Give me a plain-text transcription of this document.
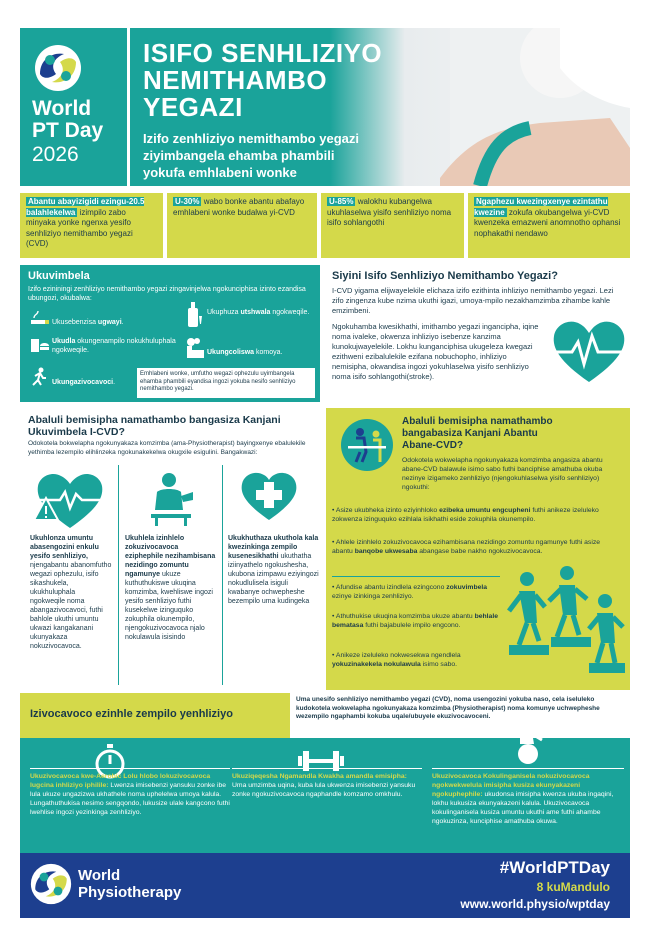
World
PT Day
2026
ISIFO SENHLIZIYO
NEMITHAMBO
YEGAZI
Izifo zenhliziyo nemithambo yegazi
ziyimbangela ehamba phambili
yokufa emhlabeni wonke
Abantu abayizigidi ezingu-20.5 balahlekelwa izimpilo zabo minyaka yonke ngenxa yesifo senhliziyo nemithambo yegazi (CVD)
U-30% wabo bonke abantu abafayo emhlabeni wonke budalwa yi-CVD
U-85% walokhu kubangelwa ukuhlaselwa yisifo senhliziyo noma isifo sohlangothi
Ngaphezu kwezingxenye ezintathu kwezine zokufa okubangelwa yi-CVD kwenzeka emazweni anomnotho ophansi nophakathi nendawo
Ukuvimbela
Izifo ezininingi zenhliziyo nemithambo yegazi zingavinjelwa ngokunciphisa izinto ezandisa ubungozi, okubalwa:
Ukusebenzisa ugwayi.
Ukuphuza utshwala ngokweqile.
Ukudla okungenampilo nokukhuluphala ngokweqile.	Ukungcoliswa komoya.
Ukungazivocavoci.
Emhlabeni wonke, umfutho wegazi ophezulu uyimbangela ehamba phambili eyandisa ingozi yokuba nesifo senhliziyo nemithambo yegazi.
Siyini Isifo Senhliziyo Nemithambo Yegazi?
I-CVD yigama elijwayelekile elichaza izifo ezithinta inhliziyo nemithambo yegazi. Lezi zifo zingenza kube nzima ukuthi igazi, umoya-mpilo nezakhamzimba zihambe kahle emzimbeni.
Ngokuhamba kwesikhathi, imithambo yegazi ingancipha, iqine noma ivaleke, okwenza inhliziyo isebenze kanzima kunokujwayelekile. Lokhu kunganciphisa ukugeleza kwegazi ezithweni ezibalulekile ezifana nobuchopho, inhliziyo nemisipha, okwandisa ingozi yokuhlaselwa yisifo senhliziyo noma isifo sohlangothi(stroke).
Abaluli bemisipha namathambo bangasiza Kanjani
Ukuvimbela I-CVD?
Odokotela bokwelapha ngokunyakaza komzimba (ama-Physiotherapist) bayingxenye ebalulekile yethimba lezempilo elihlinzeka ngokunakekelwa okugxile esigulini. Bangakwazi:
Ukuhlonza umuntu abasengozini enkulu yesifo senhliziyo, njengabantu abanomfutho wegazi ophezulu, isifo sikashukela, ukukhuluphala ngokweqile noma abangazivocavoci, futhi bahlole ukuthi umuntu ukwazi kangakanani ukunyakaza nokuzivocavoca.
Ukuhlela izinhlelo zokuzivocavoca eziphephile nezihambisana nezidingo zomuntu ngamunye ukuze kuthuthukiswe ukuqina komzimba, kwehliswe ingozi yesifo senhliziyo futhi kusekelwe izinguquko zokuphila okunempilo, njengokuzivocavoca njalo nokulawula isisindo
Ukukhuthaza ukuthola kala kwezinkinga zempilo kusenesikhathi ukuthatha iziinyathelo ngokushesha, ukubona izimpawu eziyingozi nokudlulisela isiguli kwabanye ochwepheshe bezempilo uma kudingeka
Abaluli bemisipha namathambo
bangabasiza Kanjani Abantu
Abane-CVD?
Odokotela wokwelapha ngokunyakaza komzimba angasiza abantu abane-CVD balawule isimo sabo futhi banciphise amathuba okuba nezinye izigameko zenhliziyo (njengokuhlaselwa yisifo senhliziyo) ngokuthi:
• Asize ukubheka izinto eziyinhloko ezibeka umuntu engcupheni futhi anikeze izeluleko zokwenza izinguquko ezihlala isikhathi eside zokuphila okunempilo.
• Ahlele izinhlelo zokuzivocavoca ezihambisana nezidingo zomuntu ngamunye futhi asize abantu banqobe ukwesaba abangase babe nakho ngokuzivocavoca.
• Afundise abantu izindlela ezingcono zokuvimbela ezinye izinkinga zenhliziyo.
• Athuthukise ukuqina komzimba ukuze abantu behlale bematasa futhi bajabulele impilo engcono.
• Anikeze izeluleko nokwesekwa ngendlela yokuzinakekela nokulawula isimo sabo.
Izivocavoco ezinhle zempilo yenhliziyo
Uma unesifo senhliziyo nemithambo yegazi (CVD), noma usengozini yokuba naso, cela iseluleko kudokotela wokwelapha ngokunyakaza komzimba (Physiotherapist) noma komunye uchwepheshe wezempilo ngaphambi kokuba uqale/ubuyele ekuzivocavoceni.
Ukuzivocavoca kwe-Aerobic Lolu hlobo lokuzivocavoca lugcina inhliziyo iphilile: Lwenza imisebenzi yansuku zonke ibe lula ukuze ungazizwa ukhathele noma uphelelwa umoya kalula. Lungathuthukisa nesimo sengqondo, lukusize ulale kangcono futhi lwehlise ingozi yezinkinga zenhliziyo.
Ukuziqeqesha Ngamandla Kwakha amandla emisipha: Uma umzimba uqina, kuba lula ukwenza imisebenzi yansuku zonke ngokuzivocavoca ngaphandle komzamo omkhulu.
Ukuzivocavoca Kokulinganisela nokuzivocavoca ngokwekwelula imisipha kusiza ekunyakazeni ngokuphephile: ukudonsa imisipha kwenza ukuba ingaqini, lokhu kukusiza ekunyakazeni kalula. Ukuzivocavoca kokulinganisela kusiza umuntu ukuthi ame futhi ahambe ngokuzinza, kunciphise amathuba okuwa.
World
Physiotherapy
#WorldPTDay
8 kuMandulo
www.world.physio/wptday
